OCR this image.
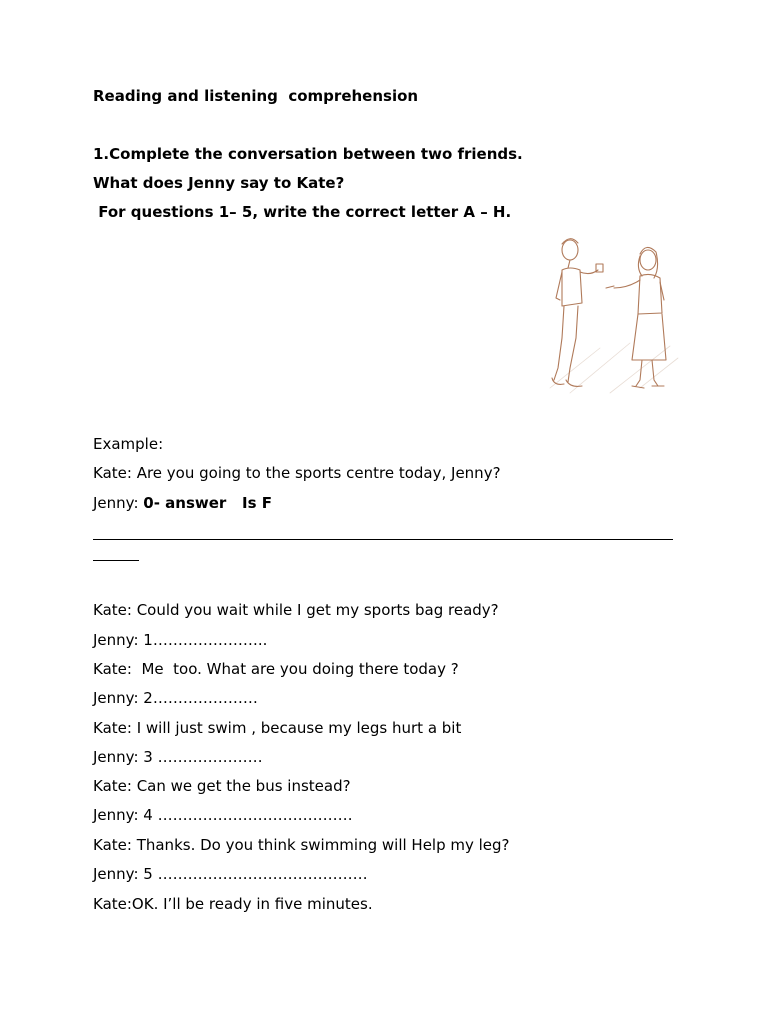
Reading and listening  comprehension
1.Complete the conversation between two friends.
What does Jenny say to Kate?
For questions 1– 5, write the correct letter A – H.
Example:
Kate: Are you going to the sports centre today, Jenny?
Jenny: 0- answer   Is F
Kate: Could you wait while I get my sports bag ready?
Jenny: 1…………………..
Kate:  Me  too. What are you doing there today ?
Jenny: 2…………………
Kate: I will just swim , because my legs hurt a bit
Jenny: 3 …………………
Kate: Can we get the bus instead?
Jenny: 4 …………………………………
Kate: Thanks. Do you think swimming will Help my leg?
Jenny: 5 ……………………………………
Kate:OK. I’ll be ready in five minutes.
